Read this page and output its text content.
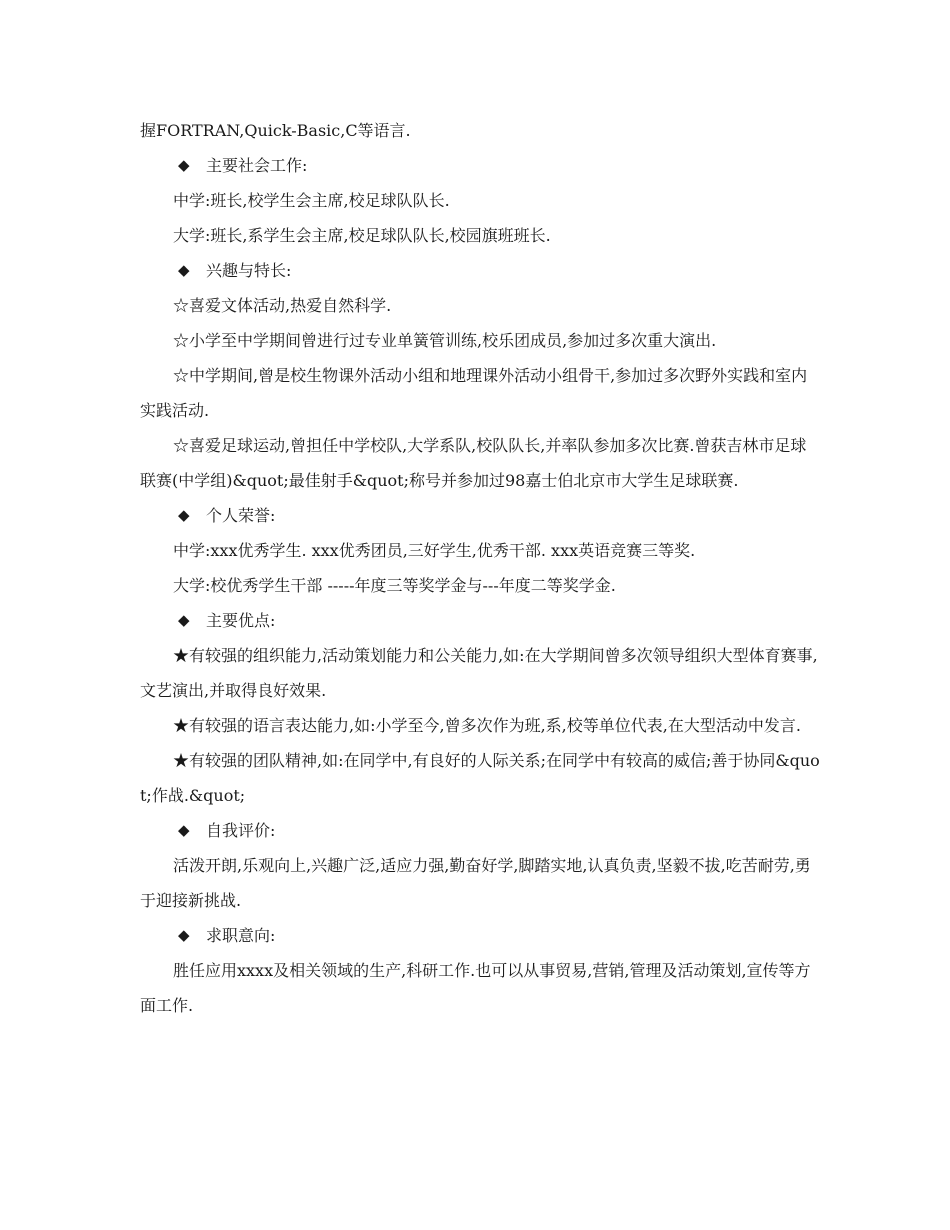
握FORTRAN,Quick-Basic,C等语言.

◆	主要社会工作:

中学:班长,校学生会主席,校足球队队长.

大学:班长,系学生会主席,校足球队队长,校园旗班班长.

◆	兴趣与特长:

☆喜爱文体活动,热爱自然科学.

☆小学至中学期间曾进行过专业单簧管训练,校乐团成员,参加过多次重大演出.

☆中学期间,曾是校生物课外活动小组和地理课外活动小组骨干,参加过多次野外实践和室内实践活动.

☆喜爱足球运动,曾担任中学校队,大学系队,校队队长,并率队参加多次比赛.曾获吉林市足球联赛(中学组)&quot;最佳射手&quot;称号并参加过98嘉士伯北京市大学生足球联赛.

◆	个人荣誉:

中学:xxx优秀学生. xxx优秀团员,三好学生,优秀干部. xxx英语竞赛三等奖.

大学:校优秀学生干部 -----年度三等奖学金与---年度二等奖学金.

◆	主要优点:

★有较强的组织能力,活动策划能力和公关能力,如:在大学期间曾多次领导组织大型体育赛事,文艺演出,并取得良好效果.

★有较强的语言表达能力,如:小学至今,曾多次作为班,系,校等单位代表,在大型活动中发言.

★有较强的团队精神,如:在同学中,有良好的人际关系;在同学中有较高的威信;善于协同&quot;作战.&quot;

◆	自我评价:

活泼开朗,乐观向上,兴趣广泛,适应力强,勤奋好学,脚踏实地,认真负责,坚毅不拔,吃苦耐劳,勇于迎接新挑战.

◆	求职意向:

胜任应用xxxx及相关领域的生产,科研工作.也可以从事贸易,营销,管理及活动策划,宣传等方面工作.
